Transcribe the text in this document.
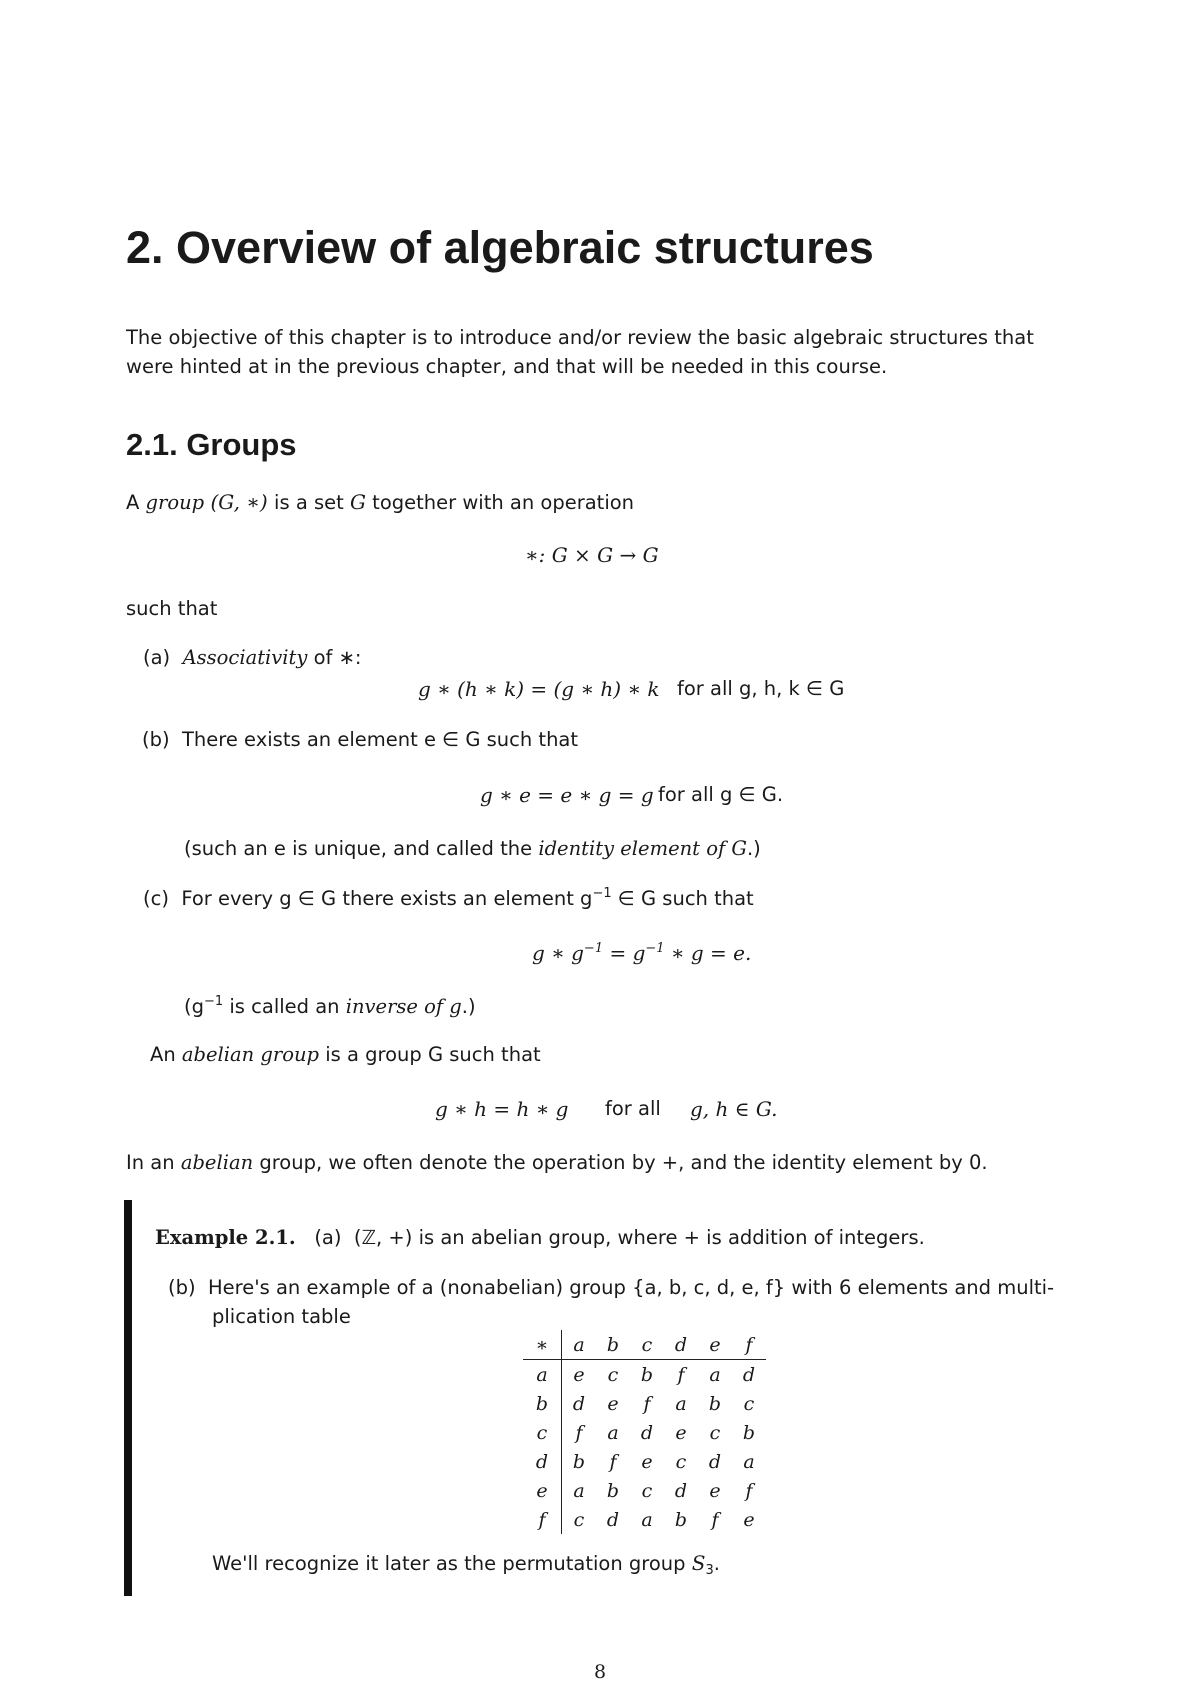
2. Overview of algebraic structures
The objective of this chapter is to introduce and/or review the basic algebraic structures that
were hinted at in the previous chapter, and that will be needed in this course.
2.1. Groups
A group (G, ∗) is a set G together with an operation
∗: G × G → G
such that
(a) Associativity of ∗:
g ∗ (h ∗ k) = (g ∗ h) ∗ k for all g, h, k ∈ G
(b) There exists an element e ∈ G such that
g ∗ e = e ∗ g = g for all g ∈ G.
(such an e is unique, and called the identity element of G.)
(c) For every g ∈ G there exists an element $g^{-1}$ ∈ G such that
g ∗ $g^{-1} = g^{-1}$ ∗ g = e.
($g^{-1}$ is called an inverse of g.)
An abelian group is a group G such that
g ∗ h = h ∗ g for all g, h ∈ G.
In an abelian group, we often denote the operation by +, and the identity element by 0.
Example 2.1. (a) (ℤ, +) is an abelian group, where + is addition of integers.
(b) Here's an example of a (nonabelian) group {a, b, c, d, e, f} with 6 elements and multi-
plication table
∗	a	b	c	d	e	f
a	e	c	b	f	a	d
b	d	e	f	a	b	c
c	f	a	d	e	c	b
d	b	f	e	c	d	a
e	a	b	c	d	e	f
f	c	d	a	b	f	e
We'll recognize it later as the permutation group $S_3$.
8
